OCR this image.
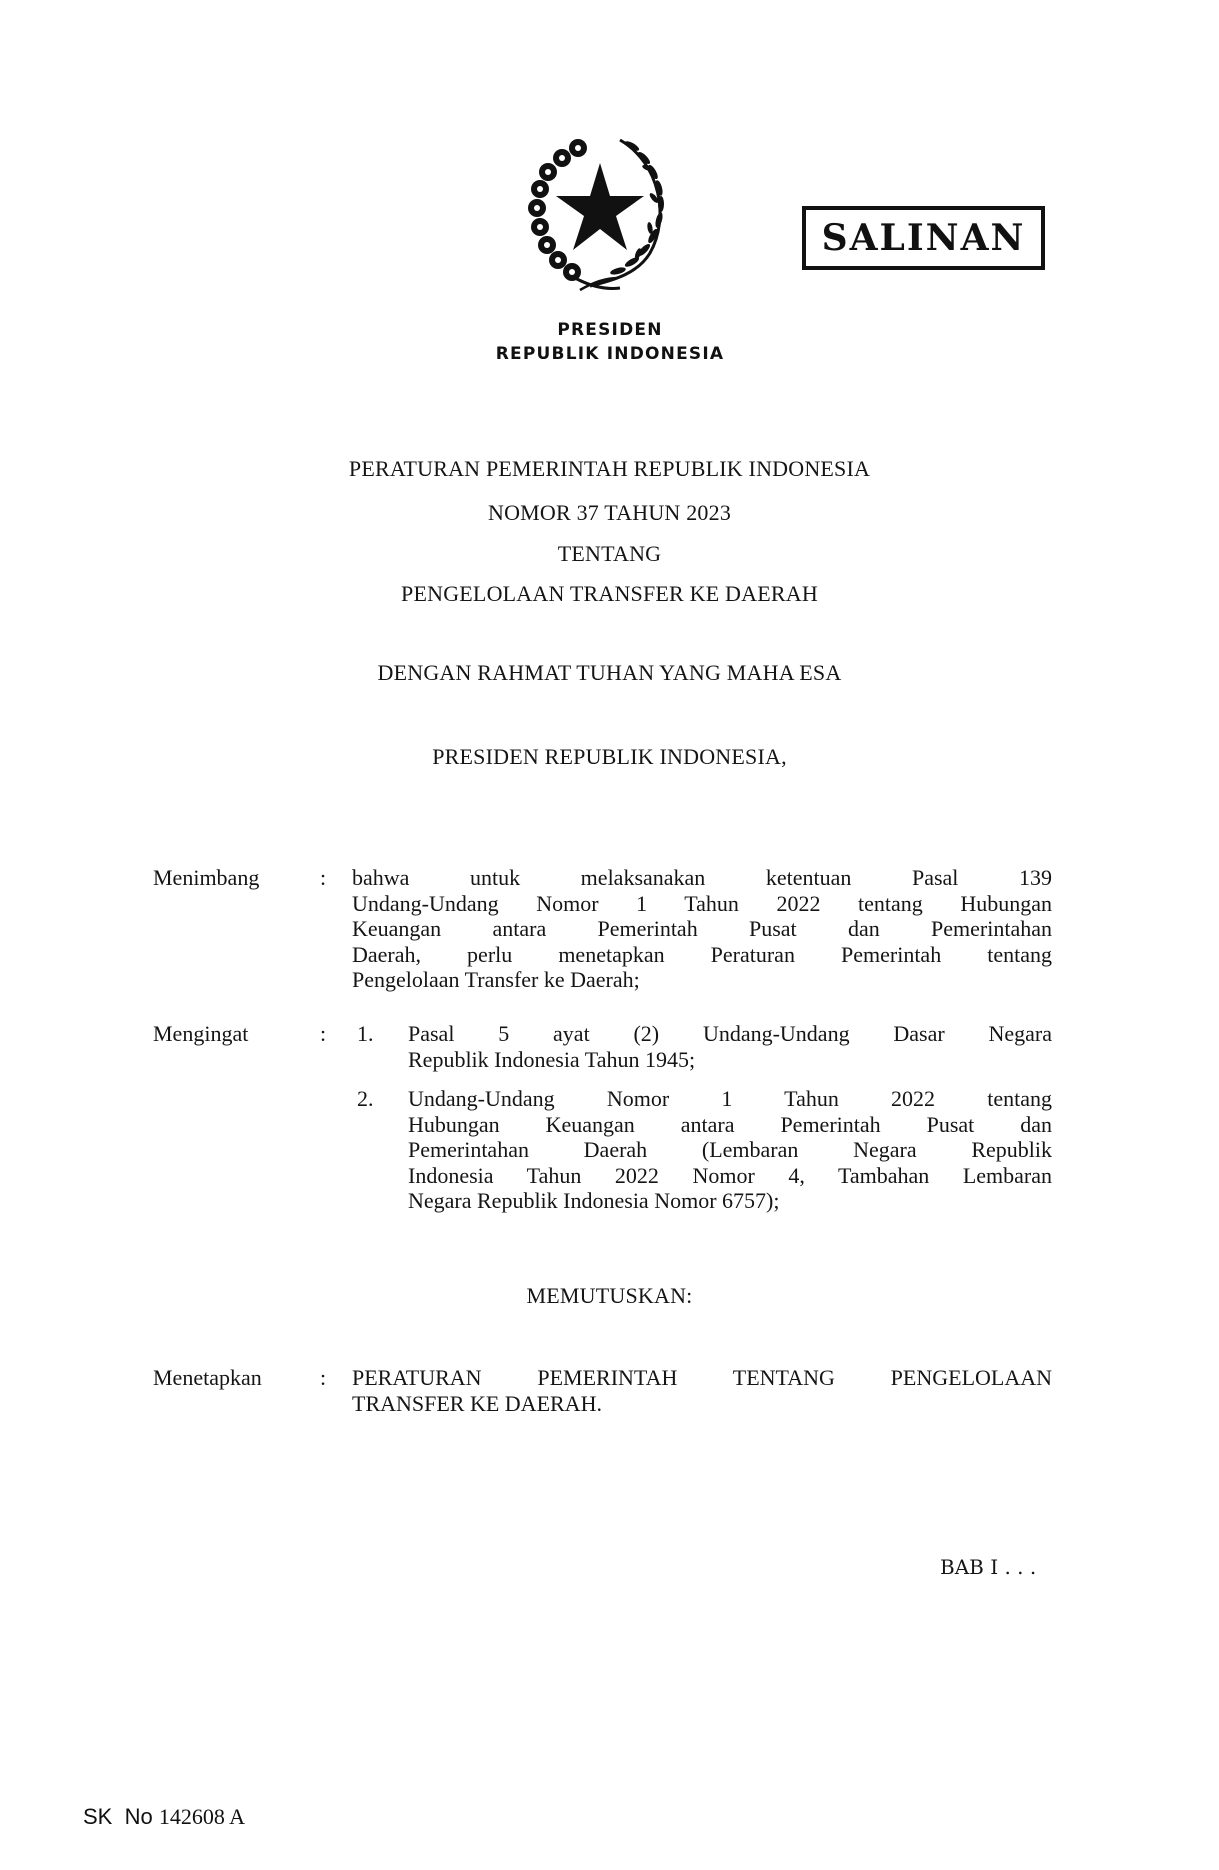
PRESIDEN
REPUBLIK INDONESIA
SALINAN
PERATURAN PEMERINTAH REPUBLIK INDONESIA
NOMOR 37 TAHUN 2023
TENTANG
PENGELOLAAN TRANSFER KE DAERAH
DENGAN RAHMAT TUHAN YANG MAHA ESA
PRESIDEN REPUBLIK INDONESIA,
Menimbang	: bahwa untuk melaksanakan ketentuan Pasal 139
Undang-Undang Nomor 1 Tahun 2022 tentang Hubungan
Keuangan antara Pemerintah Pusat dan Pemerintahan
Daerah, perlu menetapkan Peraturan Pemerintah tentang
Pengelolaan Transfer ke Daerah;
Mengingat	: 1. Pasal 5 ayat (2) Undang-Undang Dasar Negara
Republik Indonesia Tahun 1945;
2. Undang-Undang Nomor 1 Tahun 2022 tentang
Hubungan Keuangan antara Pemerintah Pusat dan
Pemerintahan Daerah (Lembaran Negara Republik
Indonesia Tahun 2022 Nomor 4, Tambahan Lembaran
Negara Republik Indonesia Nomor 6757);
MEMUTUSKAN:
Menetapkan	: PERATURAN PEMERINTAH TENTANG PENGELOLAAN
TRANSFER KE DAERAH.
BAB I . . .
SK  No 142608 A
